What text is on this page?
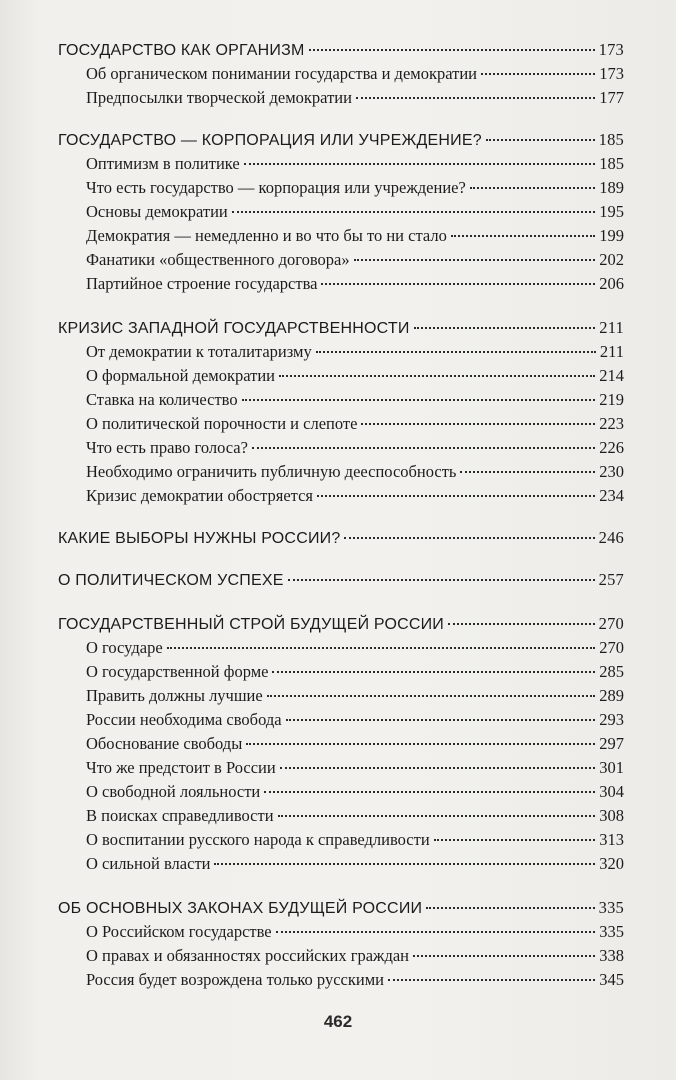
ГОСУДАРСТВО КАК ОРГАНИЗМ	173
Об органическом понимании государства и демократии	173
Предпосылки творческой демократии	177
ГОСУДАРСТВО — КОРПОРАЦИЯ ИЛИ УЧРЕЖДЕНИЕ?	185
Оптимизм в политике	185
Что есть государство — корпорация или учреждение?	189
Основы демократии	195
Демократия — немедленно и во что бы то ни стало	199
Фанатики «общественного договора»	202
Партийное строение государства	206
КРИЗИС ЗАПАДНОЙ ГОСУДАРСТВЕННОСТИ	211
От демократии к тоталитаризму	211
О формальной демократии	214
Ставка на количество	219
О политической порочности и слепоте	223
Что есть право голоса?	226
Необходимо ограничить публичную дееспособность	230
Кризис демократии обостряется	234
КАКИЕ ВЫБОРЫ НУЖНЫ РОССИИ?	246
О ПОЛИТИЧЕСКОМ УСПЕХЕ	257
ГОСУДАРСТВЕННЫЙ СТРОЙ БУДУЩЕЙ РОССИИ	270
О государе	270
О государственной форме	285
Править должны лучшие	289
России необходима свобода	293
Обоснование свободы	297
Что же предстоит в России	301
О свободной лояльности	304
В поисках справедливости	308
О воспитании русского народа к справедливости	313
О сильной власти	320
ОБ ОСНОВНЫХ ЗАКОНАХ БУДУЩЕЙ РОССИИ	335
О Российском государстве	335
О правах и обязанностях российских граждан	338
Россия будет возрождена только русскими	345
462
